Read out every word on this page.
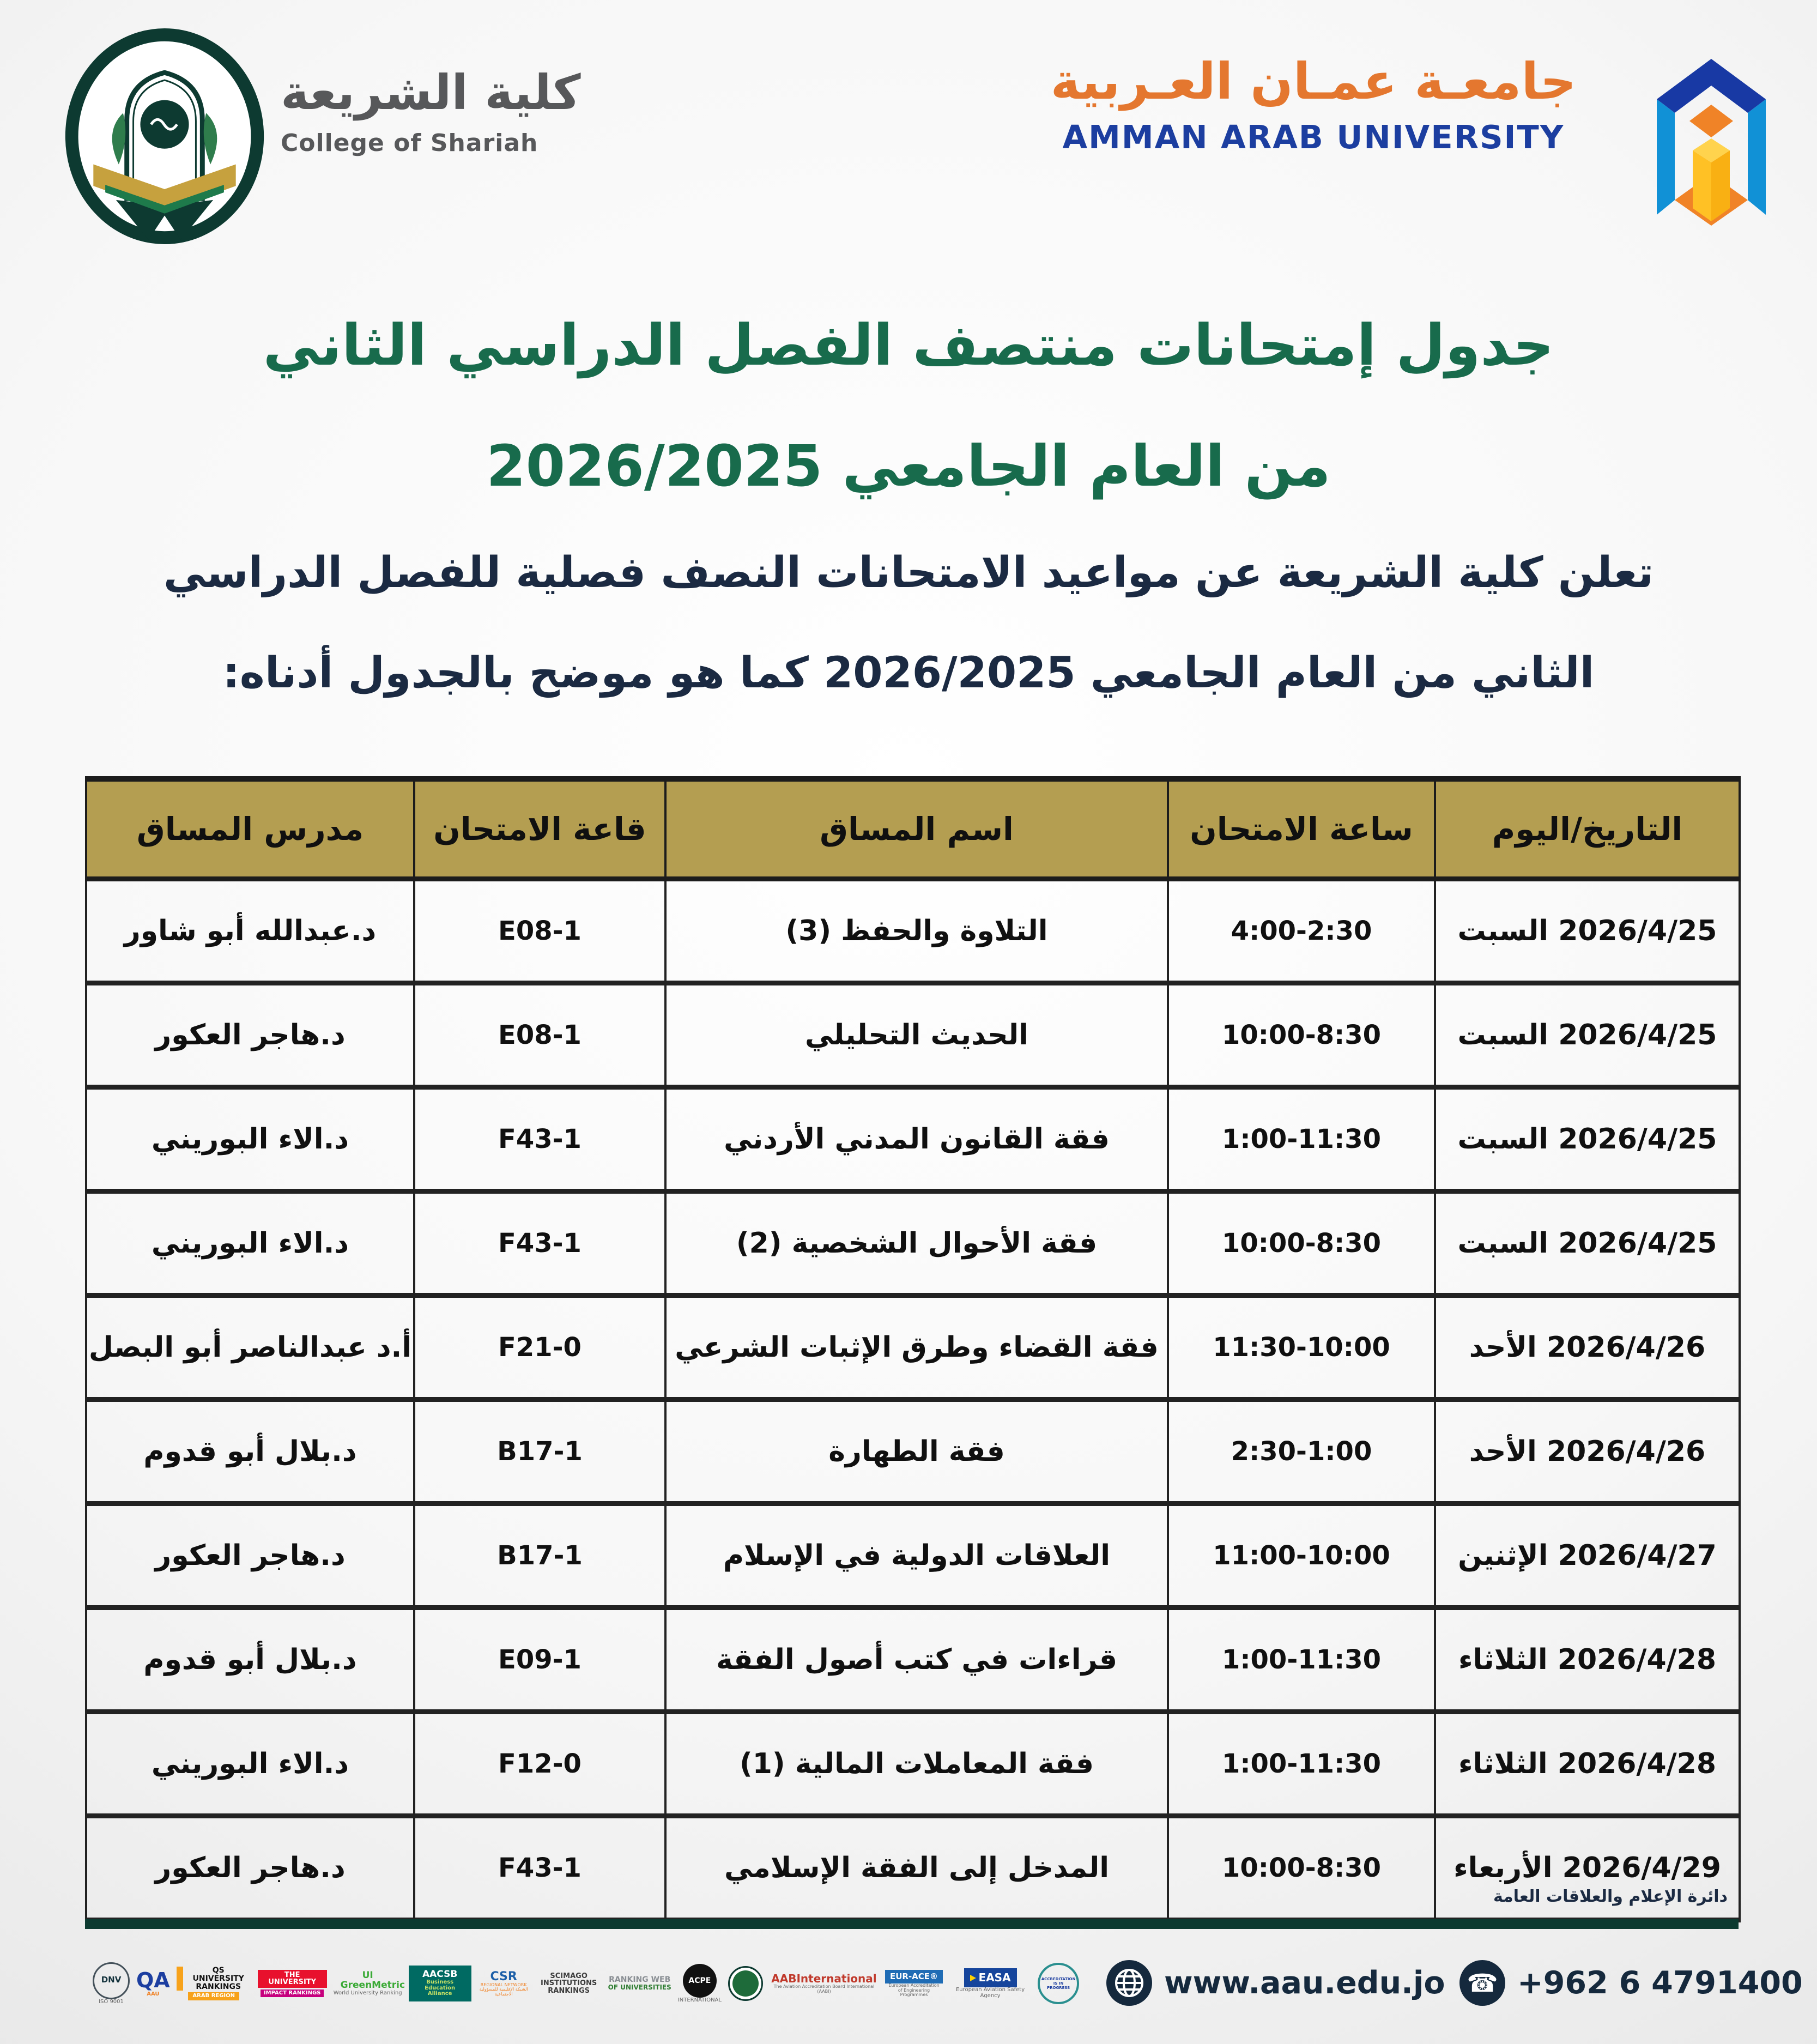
كلية الشريعة
College of Shariah
جامعـة عمـان العـربية
AMMAN ARAB UNIVERSITY
جدول إمتحانات منتصف الفصل الدراسي الثاني
من العام الجامعي 2026/2025
تعلن كلية الشريعة عن مواعيد الامتحانات النصف فصلية للفصل الدراسي
الثاني من العام الجامعي 2026/2025 كما هو موضح بالجدول أدناه:
التاريخ/اليوم	ساعة الامتحان	اسم المساق	قاعة الامتحان	مدرس المساق
2026/4/25 السبت	4:00-2:30	التلاوة والحفظ (3)	E08-1	د.عبدالله أبو شاور
2026/4/25 السبت	10:00-8:30	الحديث التحليلي	E08-1	د.هاجر العكور
2026/4/25 السبت	1:00-11:30	فقة القانون المدني الأردني	F43-1	د.الاء البوريني
2026/4/25 السبت	10:00-8:30	فقة الأحوال الشخصية (2)	F43-1	د.الاء البوريني
2026/4/26 الأحد	11:30-10:00	فقة القضاء وطرق الإثبات الشرعي	F21-0	أ.د عبدالناصر أبو البصل
2026/4/26 الأحد	2:30-1:00	فقة الطهارة	B17-1	د.بلال أبو قدوم
2026/4/27 الإثنين	11:00-10:00	العلاقات الدولية في الإسلام	B17-1	د.هاجر العكور
2026/4/28 الثلاثاء	1:00-11:30	قراءات في كتب أصول الفقة	E09-1	د.بلال أبو قدوم
2026/4/28 الثلاثاء	1:00-11:30	فقة المعاملات المالية (1)	F12-0	د.الاء البوريني
2026/4/29 الأربعاء	10:00-8:30	المدخل إلى الفقة الإسلامي	F43-1	د.هاجر العكور
دائرة الإعلام والعلاقات العامة
DNV
ISO 9001
QA
AAU
QS UNIVERSITY RANKINGS
ARAB REGION
THE UNIVERSITY
IMPACT RANKINGS
UI GreenMetric
World University Ranking
AACSB
Business Education Alliance
CSR
REGIONAL NETWORK الشبكة الإقليمية للمسؤولية الاجتماعية
SCIMAGO INSTITUTIONS RANKINGS
RANKING WEB
OF UNIVERSITIES
ACPE
INTERNATIONAL
AABInternational
The Aviation Accreditation Board International (AABI)
EUR-ACE®
European Accreditation of Engineering Programmes
EASA
European Aviation Safety Agency
ACCREDITATION IS IN PROGRESS	www.aau.edu.jo ☎ +962 6 4791400
